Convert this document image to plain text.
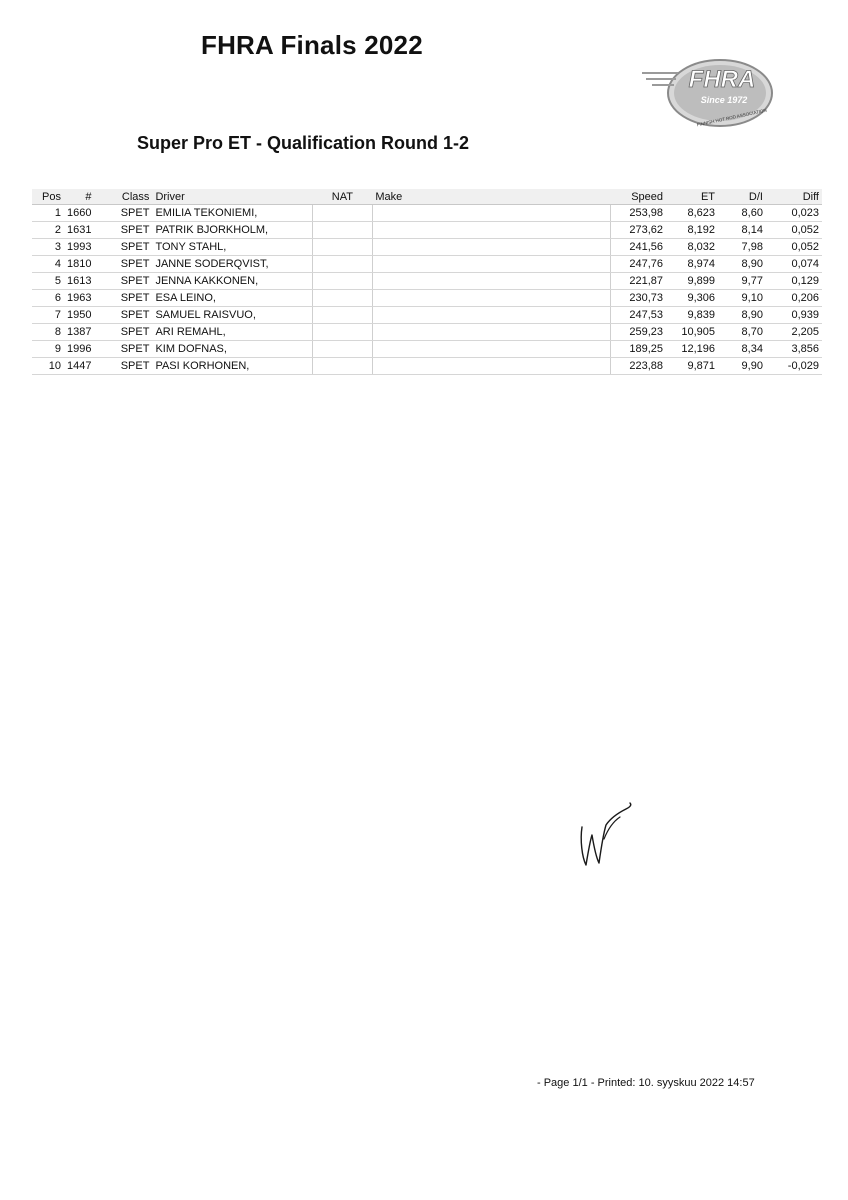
FHRA Finals 2022
FHRA
Since 1972
FINNISH HOT ROD ASSOCIATION
Super Pro ET - Qualification Round 1-2
Pos	#	Class	Driver	NAT	Make	Speed	ET	D/I	Diff
1	1660	SPET	EMILIA TEKONIEMI,			253,98	8,623	8,60	0,023
2	1631	SPET	PATRIK BJORKHOLM,			273,62	8,192	8,14	0,052
3	1993	SPET	TONY STAHL,			241,56	8,032	7,98	0,052
4	1810	SPET	JANNE SODERQVIST,			247,76	8,974	8,90	0,074
5	1613	SPET	JENNA KAKKONEN,			221,87	9,899	9,77	0,129
6	1963	SPET	ESA LEINO,			230,73	9,306	9,10	0,206
7	1950	SPET	SAMUEL RAISVUO,			247,53	9,839	8,90	0,939
8	1387	SPET	ARI REMAHL,			259,23	10,905	8,70	2,205
9	1996	SPET	KIM DOFNAS,			189,25	12,196	8,34	3,856
10	1447	SPET	PASI KORHONEN,			223,88	9,871	9,90	-0,029
- Page 1/1 - Printed: 10. syyskuu 2022 14:57
